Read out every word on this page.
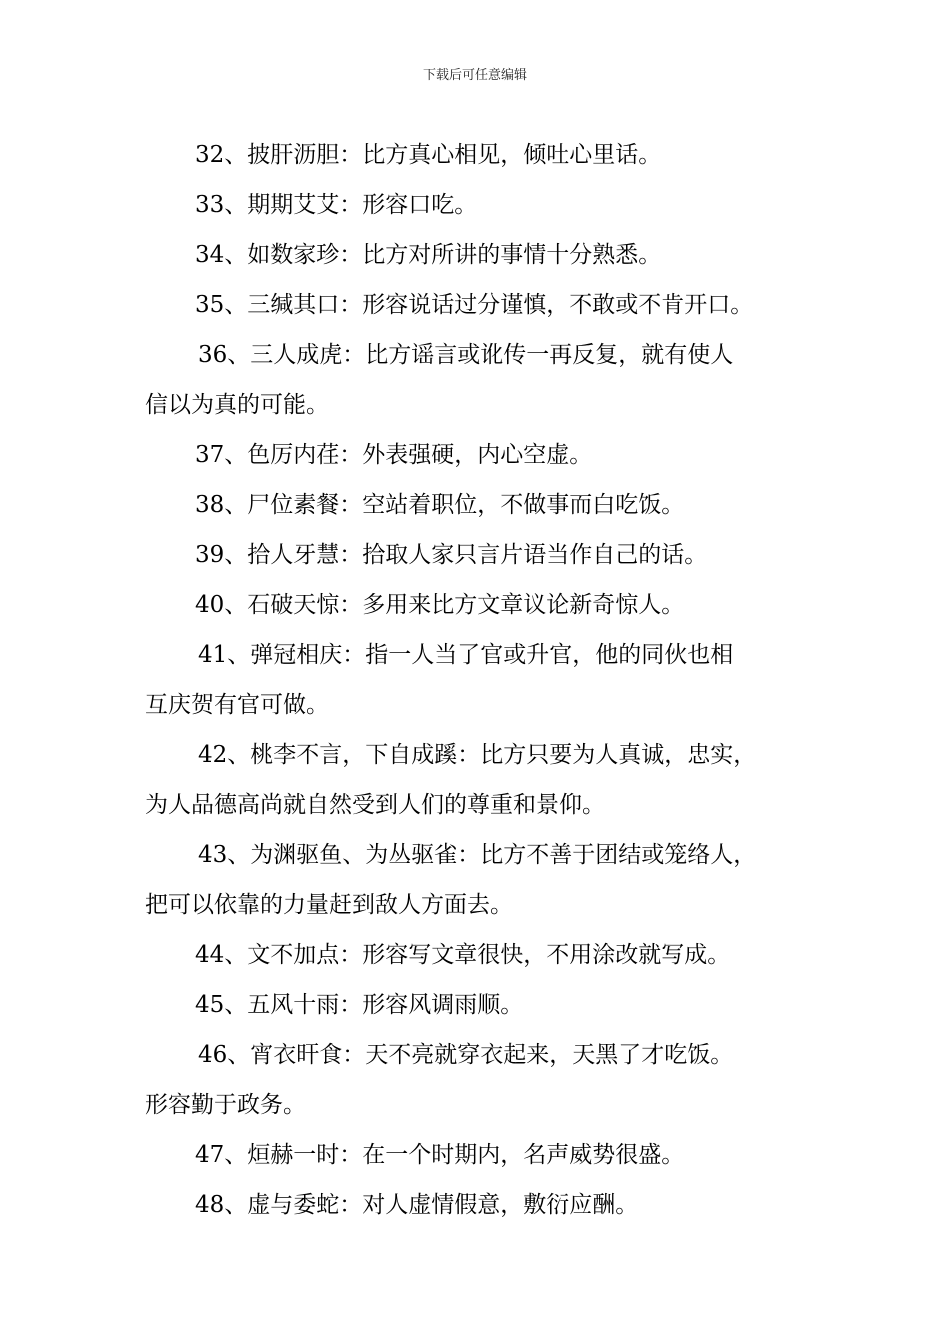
下载后可任意编辑
32、披肝沥胆：比方真心相见，倾吐心里话。
33、期期艾艾：形容口吃。
34、如数家珍：比方对所讲的事情十分熟悉。
35、三缄其口：形容说话过分谨慎，不敢或不肯开口。
36、三人成虎：比方谣言或讹传一再反复，就有使人
信以为真的可能。
37、色厉内荏：外表强硬，内心空虚。
38、尸位素餐：空站着职位，不做事而白吃饭。
39、拾人牙慧：拾取人家只言片语当作自己的话。
40、石破天惊：多用来比方文章议论新奇惊人。
41、弹冠相庆：指一人当了官或升官，他的同伙也相
互庆贺有官可做。
42、桃李不言，下自成蹊：比方只要为人真诚，忠实，
为人品德高尚就自然受到人们的尊重和景仰。
43、为渊驱鱼、为丛驱雀：比方不善于团结或笼络人，
把可以依靠的力量赶到敌人方面去。
44、文不加点：形容写文章很快，不用涂改就写成。
45、五风十雨：形容风调雨顺。
46、宵衣旰食：天不亮就穿衣起来，天黑了才吃饭。
形容勤于政务。
47、烜赫一时：在一个时期内，名声威势很盛。
48、虚与委蛇：对人虚情假意，敷衍应酬。
